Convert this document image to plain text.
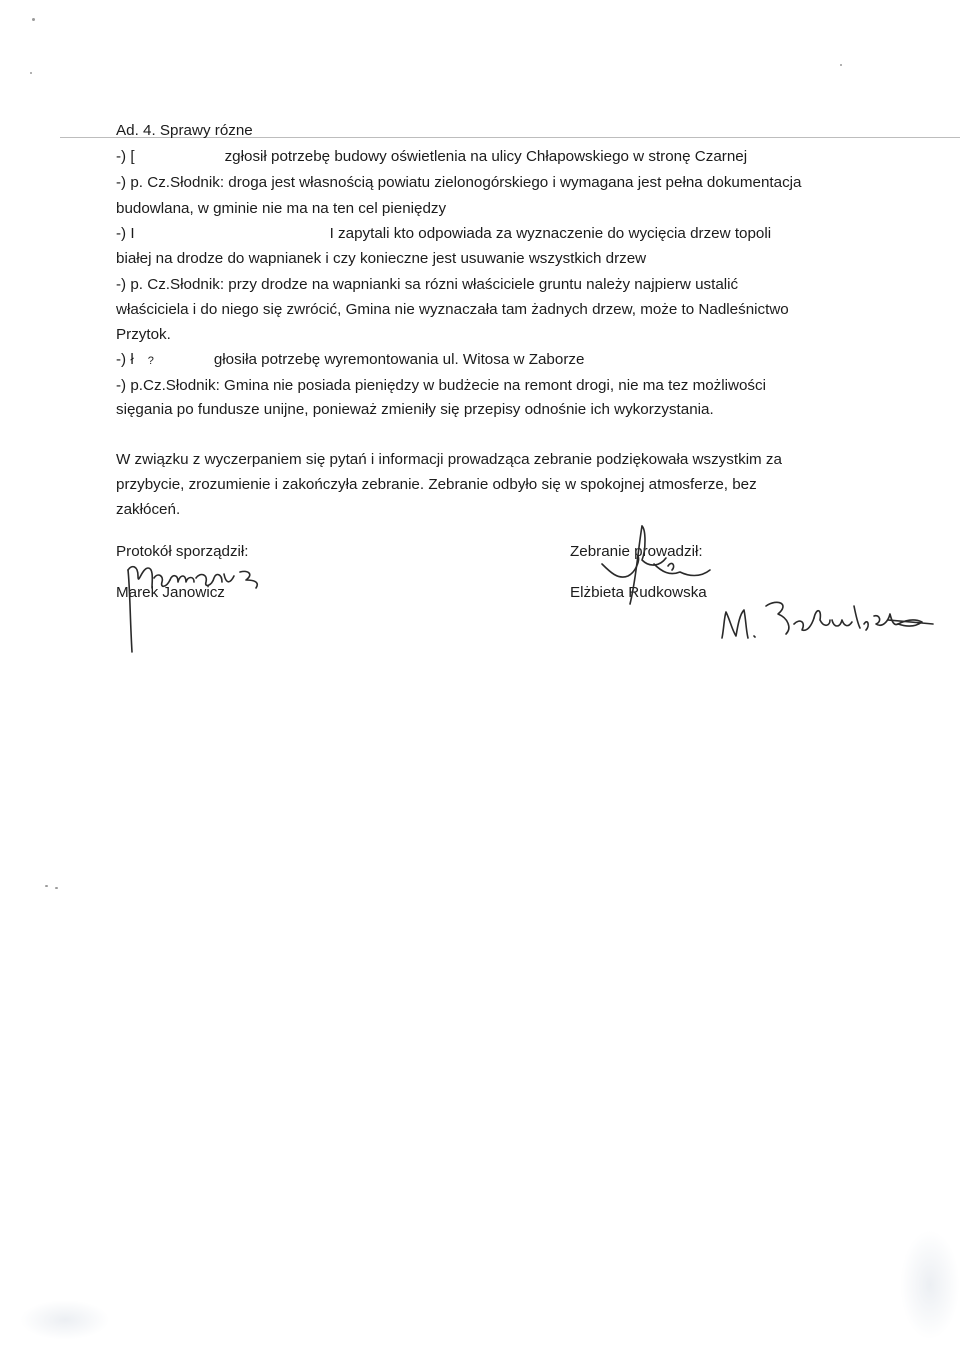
Ad. 4. Sprawy rózne
-) [	zgłosił potrzebę budowy oświetlenia na ulicy Chłapowskiego w stronę Czarnej
-) p. Cz.Słodnik: droga jest własnością powiatu zielonogórskiego i wymagana jest pełna dokumentacja
budowlana, w gminie nie ma na ten cel pieniędzy
-) I	I zapytali kto odpowiada za wyznaczenie do wycięcia drzew topoli
białej na drodze do wapnianek i czy konieczne jest usuwanie wszystkich drzew
-) p. Cz.Słodnik: przy drodze na wapnianki sa rózni właściciele gruntu należy najpierw ustalić
właściciela i do niego się zwrócić, Gmina nie wyznaczała tam żadnych drzew, może to Nadleśnictwo
Przytok.
-) ł ?	głosiła potrzebę wyremontowania ul. Witosa w Zaborze
-) p.Cz.Słodnik: Gmina nie posiada pieniędzy w budżecie na remont drogi, nie ma tez możliwości
sięgania po fundusze unijne, ponieważ zmieniły się przepisy odnośnie ich wykorzystania.
W związku z wyczerpaniem się pytań i informacji prowadząca zebranie podziękowała wszystkim za
przybycie, zrozumienie i zakończyła zebranie. Zebranie odbyło się w spokojnej atmosferze, bez
zakłóceń.
Protokół sporządził:
Marek Janowicz
Zebranie prowadził:
Elżbieta Rudkowska
